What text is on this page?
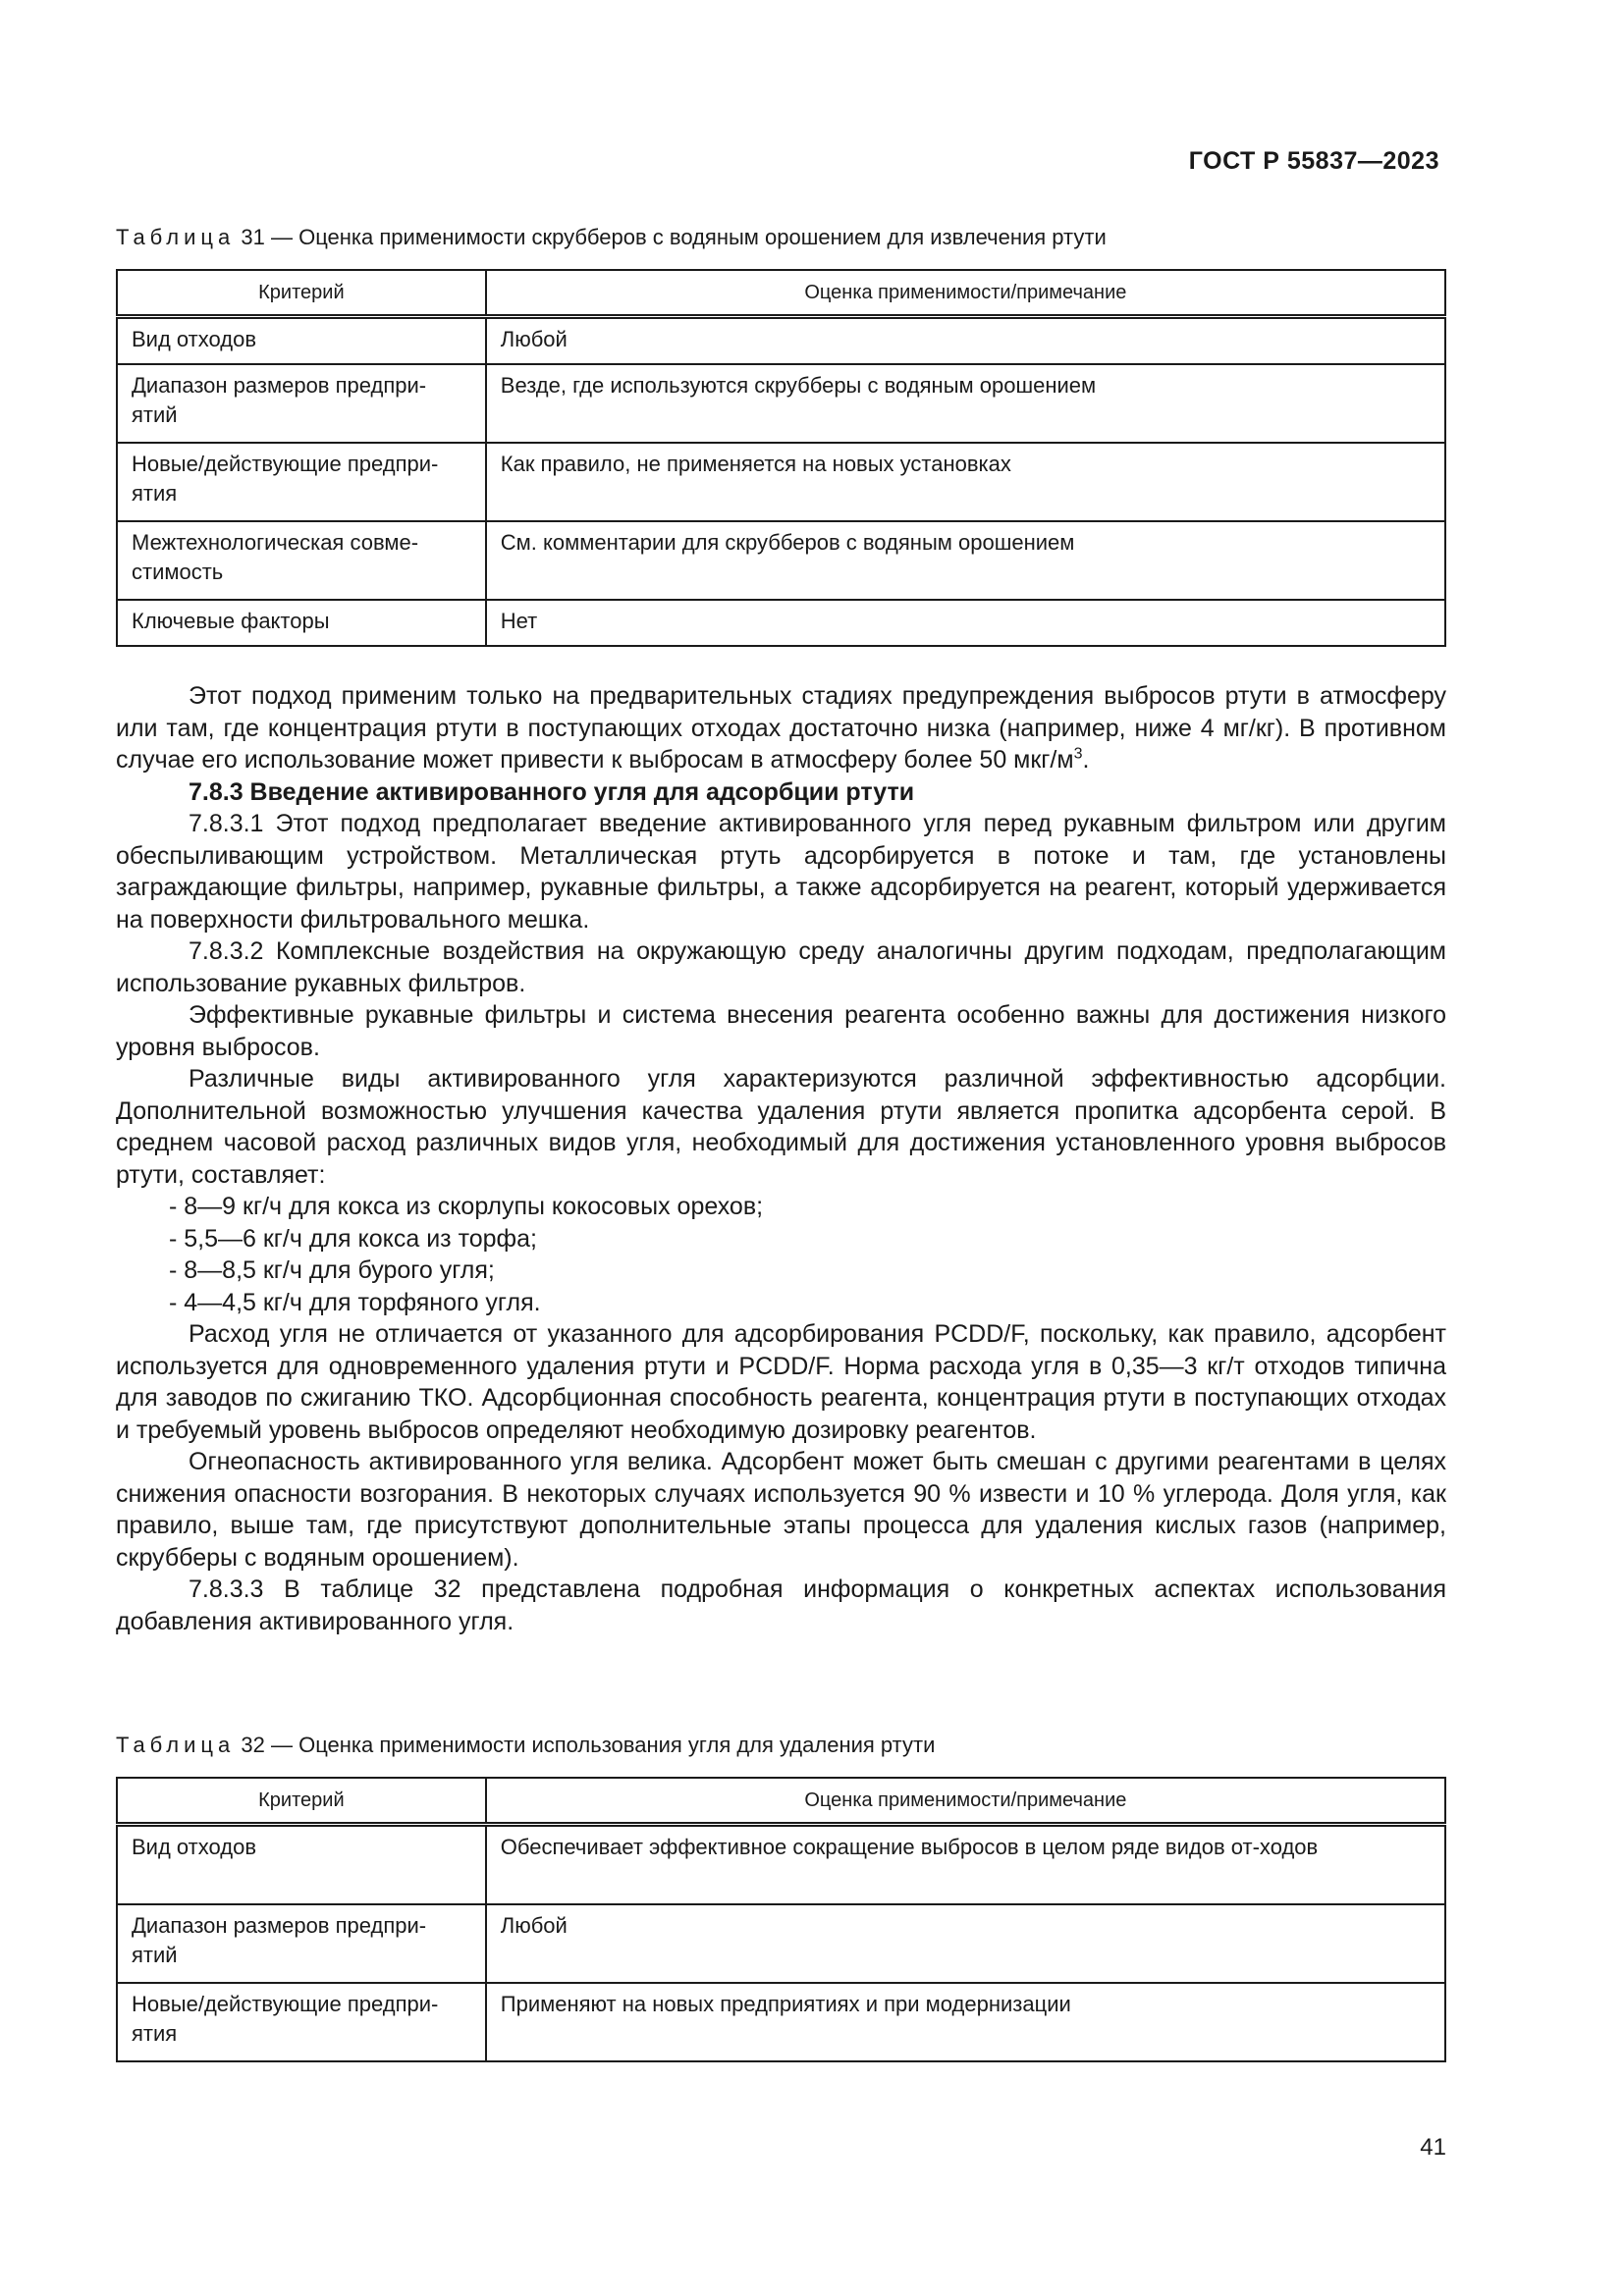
ГОСТ Р 55837—2023
Таблица 31 — Оценка применимости скрубберов с водяным орошением для извлечения ртути
Критерий	Оценка применимости/примечание
Вид отходов	Любой
Диапазон размеров предпри-ятий	Везде, где используются скрубберы с водяным орошением
Новые/действующие предпри-ятия	Как правило, не применяется на новых установках
Межтехнологическая совме-стимость	См. комментарии для скрубберов с водяным орошением
Ключевые факторы	Нет

Этот подход применим только на предварительных стадиях предупреждения выбросов ртути в атмосферу или там, где концентрация ртути в поступающих отходах достаточно низка (например, ниже 4 мг/кг). В противном случае его использование может привести к выбросам в атмосферу более 50 мкг/$м^3$.

7.8.3 Введение активированного угля для адсорбции ртути

7.8.3.1 Этот подход предполагает введение активированного угля перед рукавным фильтром или другим обеспыливающим устройством. Металлическая ртуть адсорбируется в потоке и там, где установлены заграждающие фильтры, например, рукавные фильтры, а также адсорбируется на реагент, который удерживается на поверхности фильтровального мешка.

7.8.3.2 Комплексные воздействия на окружающую среду аналогичны другим подходам, предполагающим использование рукавных фильтров.

Эффективные рукавные фильтры и система внесения реагента особенно важны для достижения низкого уровня выбросов.

Различные виды активированного угля характеризуются различной эффективностью адсорбции. Дополнительной возможностью улучшения качества удаления ртути является пропитка адсорбента серой. В среднем часовой расход различных видов угля, необходимый для достижения установленного уровня выбросов ртути, составляет:

- 8—9 кг/ч для кокса из скорлупы кокосовых орехов;

- 5,5—6 кг/ч для кокса из торфа;

- 8—8,5 кг/ч для бурого угля;

- 4—4,5 кг/ч для торфяного угля.

Расход угля не отличается от указанного для адсорбирования PCDD/F, поскольку, как правило, адсорбент используется для одновременного удаления ртути и PCDD/F. Норма расхода угля в 0,35—3 кг/т отходов типична для заводов по сжиганию ТКО. Адсорбционная способность реагента, концентрация ртути в поступающих отходах и требуемый уровень выбросов определяют необходимую дозировку реагентов.

Огнеопасность активированного угля велика. Адсорбент может быть смешан с другими реагентами в целях снижения опасности возгорания. В некоторых случаях используется 90 % извести и 10 % углерода. Доля угля, как правило, выше там, где присутствуют дополнительные этапы процесса для удаления кислых газов (например, скрубберы с водяным орошением).

7.8.3.3 В таблице 32 представлена подробная информация о конкретных аспектах использования добавления активированного угля.

Таблица 32 — Оценка применимости использования угля для удаления ртути
Критерий	Оценка применимости/примечание
Вид отходов	Обеспечивает эффективное сокращение выбросов в целом ряде видов от-ходов
Диапазон размеров предпри-ятий	Любой
Новые/действующие предпри-ятия	Применяют на новых предприятиях и при модернизации
41
